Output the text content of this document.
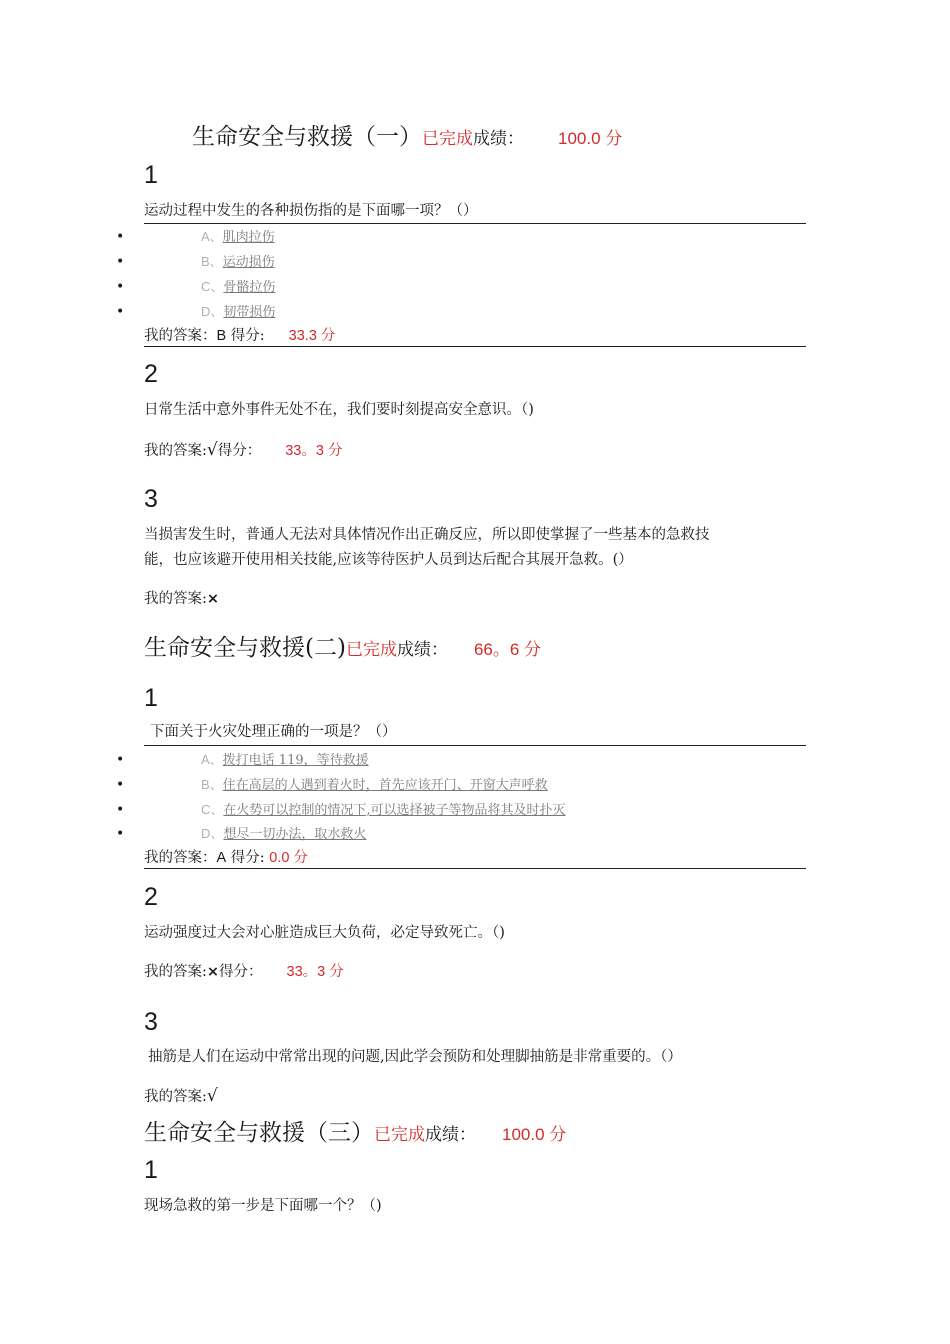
生命安全与救援（一）已完成成绩： 100.0 分
1
运动过程中发生的各种损伤指的是下面哪一项？（）
•	A、肌肉拉伤
•	B、运动损伤
•	C、骨骼拉伤
•	D、韧带损伤
我的答案：B 得分: 33.3 分
2
日常生活中意外事件无处不在，我们要时刻提高安全意识。（)
我的答案:√得分： 33。3 分
3
当损害发生时，普通人无法对具体情况作出正确反应，所以即使掌握了一些基本的急救技
能，也应该避开使用相关技能,应该等待医护人员到达后配合其展开急救。(）
我的答案:×
生命安全与救援(二)已完成成绩： 66。6 分
1
下面关于火灾处理正确的一项是？（）
•	A、拨打电话 119，等待救援
•	B、住在高层的人遇到着火时，首先应该开门、开窗大声呼救
•	C、在火势可以控制的情况下,可以选择被子等物品将其及时扑灭
•	D、想尽一切办法，取水救火
我的答案：A 得分: 0.0 分
2
运动强度过大会对心脏造成巨大负荷，必定导致死亡。（)
我的答案:×得分： 33。3 分
3
抽筋是人们在运动中常常出现的问题,因此学会预防和处理脚抽筋是非常重要的。（）
我的答案:√
生命安全与救援（三）已完成成绩： 100.0 分
1
现场急救的第一步是下面哪一个？（)
